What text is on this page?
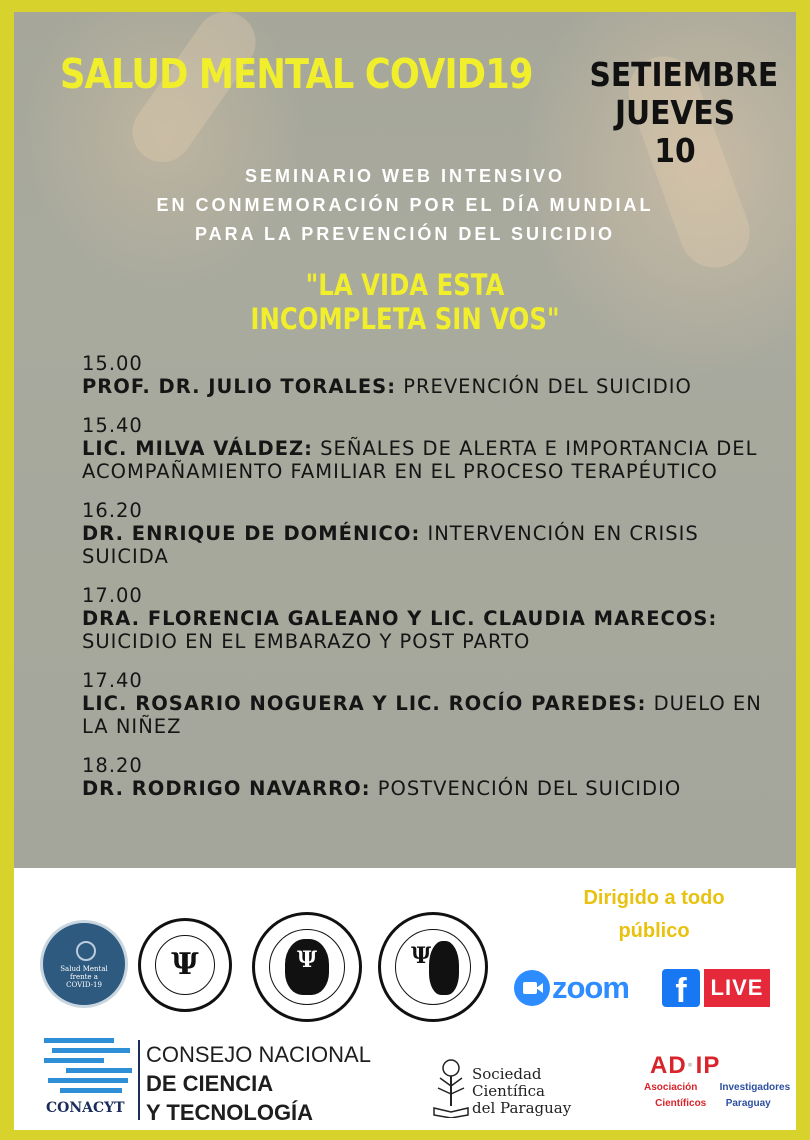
SALUD MENTAL COVID19 SETIEMBRE
JUEVES 10
SEMINARIO WEB INTENSIVO
EN CONMEMORACIÓN POR EL DÍA MUNDIAL
PARA LA PREVENCIÓN DEL SUICIDIO
"LA VIDA ESTA
INCOMPLETA SIN VOS"
15.00
PROF. DR. JULIO TORALES: PREVENCIÓN DEL SUICIDIO
15.40
LIC. MILVA VÁLDEZ: SEÑALES DE ALERTA E IMPORTANCIA DEL ACOMPAÑAMIENTO FAMILIAR EN EL PROCESO TERAPÉUTICO
16.20
DR. ENRIQUE DE DOMÉNICO: INTERVENCIÓN EN CRISIS SUICIDA
17.00
DRA. FLORENCIA GALEANO Y LIC. CLAUDIA MARECOS: SUICIDIO EN EL EMBARAZO Y POST PARTO
17.40
LIC. ROSARIO NOGUERA Y LIC. ROCÍO PAREDES: DUELO EN LA NIÑEZ
18.20
DR. RODRIGO NAVARRO: POSTVENCIÓN DEL SUICIDIO
Salud Mental
frente a
COVID-19
Ψ	Ψ	Ψ
Dirigido a todo
público
zoom	f	LIVE
CONACYT
CONSEJO NACIONAL
DE CIENCIA
Y TECNOLOGÍA
Sociedad
Científica
del Paraguay
AD·IP
Asociación Investigadores
Científicos Paraguay
